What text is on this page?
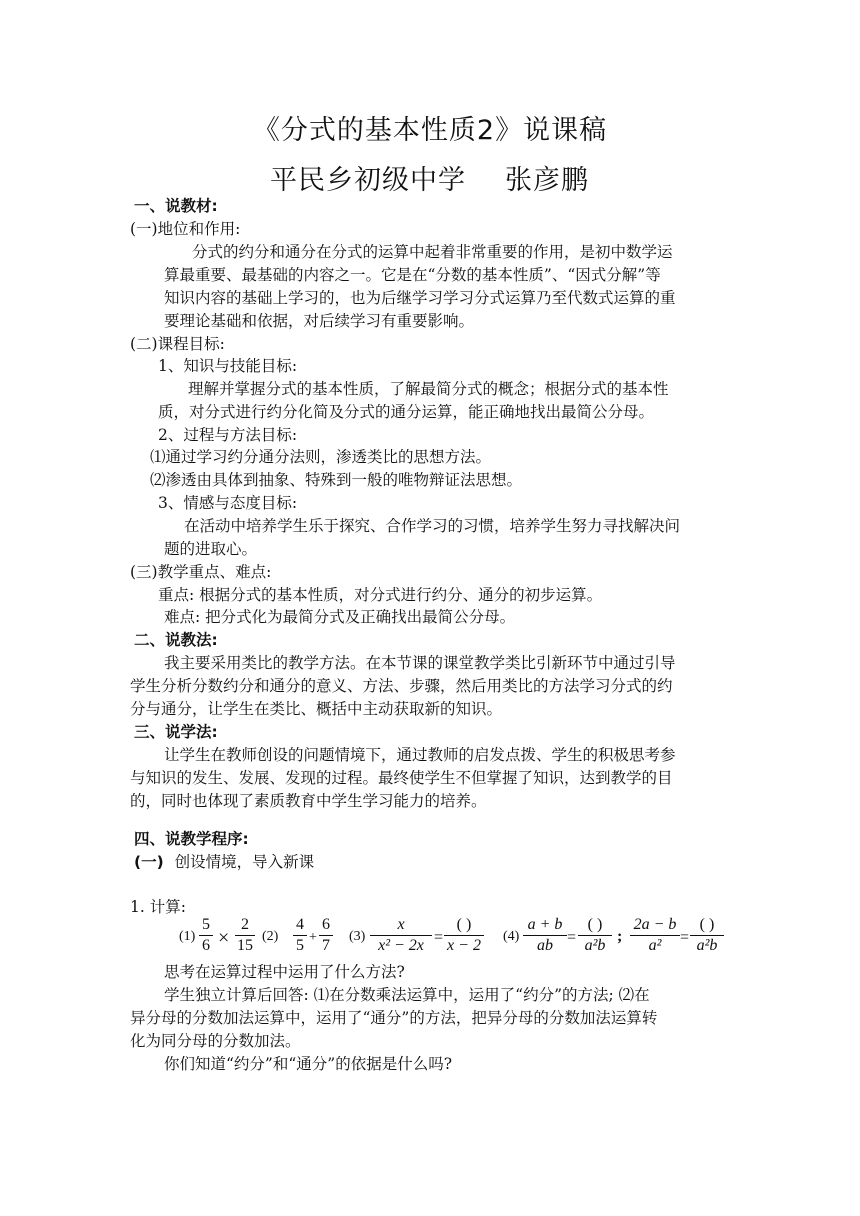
《分式的基本性质2》说课稿
平民乡初级中学 张彦鹏
一、说教材:
(一)地位和作用:
分式的约分和通分在分式的运算中起着非常重要的作用，是初中数学运
算最重要、最基础的内容之一。它是在“分数的基本性质”、“因式分解”等
知识内容的基础上学习的，也为后继学习学习分式运算乃至代数式运算的重
要理论基础和依据，对后续学习有重要影响。
(二)课程目标:
1、知识与技能目标:
理解并掌握分式的基本性质，了解最简分式的概念；根据分式的基本性
质，对分式进行约分化简及分式的通分运算，能正确地找出最简公分母。
2、过程与方法目标:
⑴通过学习约分通分法则，渗透类比的思想方法。
⑵渗透由具体到抽象、特殊到一般的唯物辩证法思想。
3、情感与态度目标:
在活动中培养学生乐于探究、合作学习的习惯，培养学生努力寻找解决问
题的进取心。
(三)教学重点、难点:
重点: 根据分式的基本性质，对分式进行约分、通分的初步运算。
难点: 把分式化为最简分式及正确找出最简公分母。
二、说教法:
我主要采用类比的教学方法。在本节课的课堂教学类比引新环节中通过引导
学生分析分数约分和通分的意义、方法、步骤，然后用类比的方法学习分式的约
分与通分，让学生在类比、概括中主动获取新的知识。
三、说学法:
让学生在教师创设的问题情境下，通过教师的启发点拨、学生的积极思考参
与知识的发生、发展、发现的过程。最终使学生不但掌握了知识，达到教学的目
的，同时也体现了素质教育中学生学习能力的培养。
四、说教学程序:
(一) 创设情境，导入新课
1. 计算:
(1)
5
6 ×
2
15
(2)
4
5 +
6
7
(3)
x
x² − 2x =
( )
x − 2
(4)
a + b
ab =
( )
a²b
;
2a − b
a²	=
( )
a²b
思考在运算过程中运用了什么方法?
学生独立计算后回答: ⑴在分数乘法运算中，运用了“约分”的方法; ⑵在
异分母的分数加法运算中，运用了“通分”的方法，把异分母的分数加法运算转
化为同分母的分数加法。
你们知道“约分”和“通分”的依据是什么吗?
